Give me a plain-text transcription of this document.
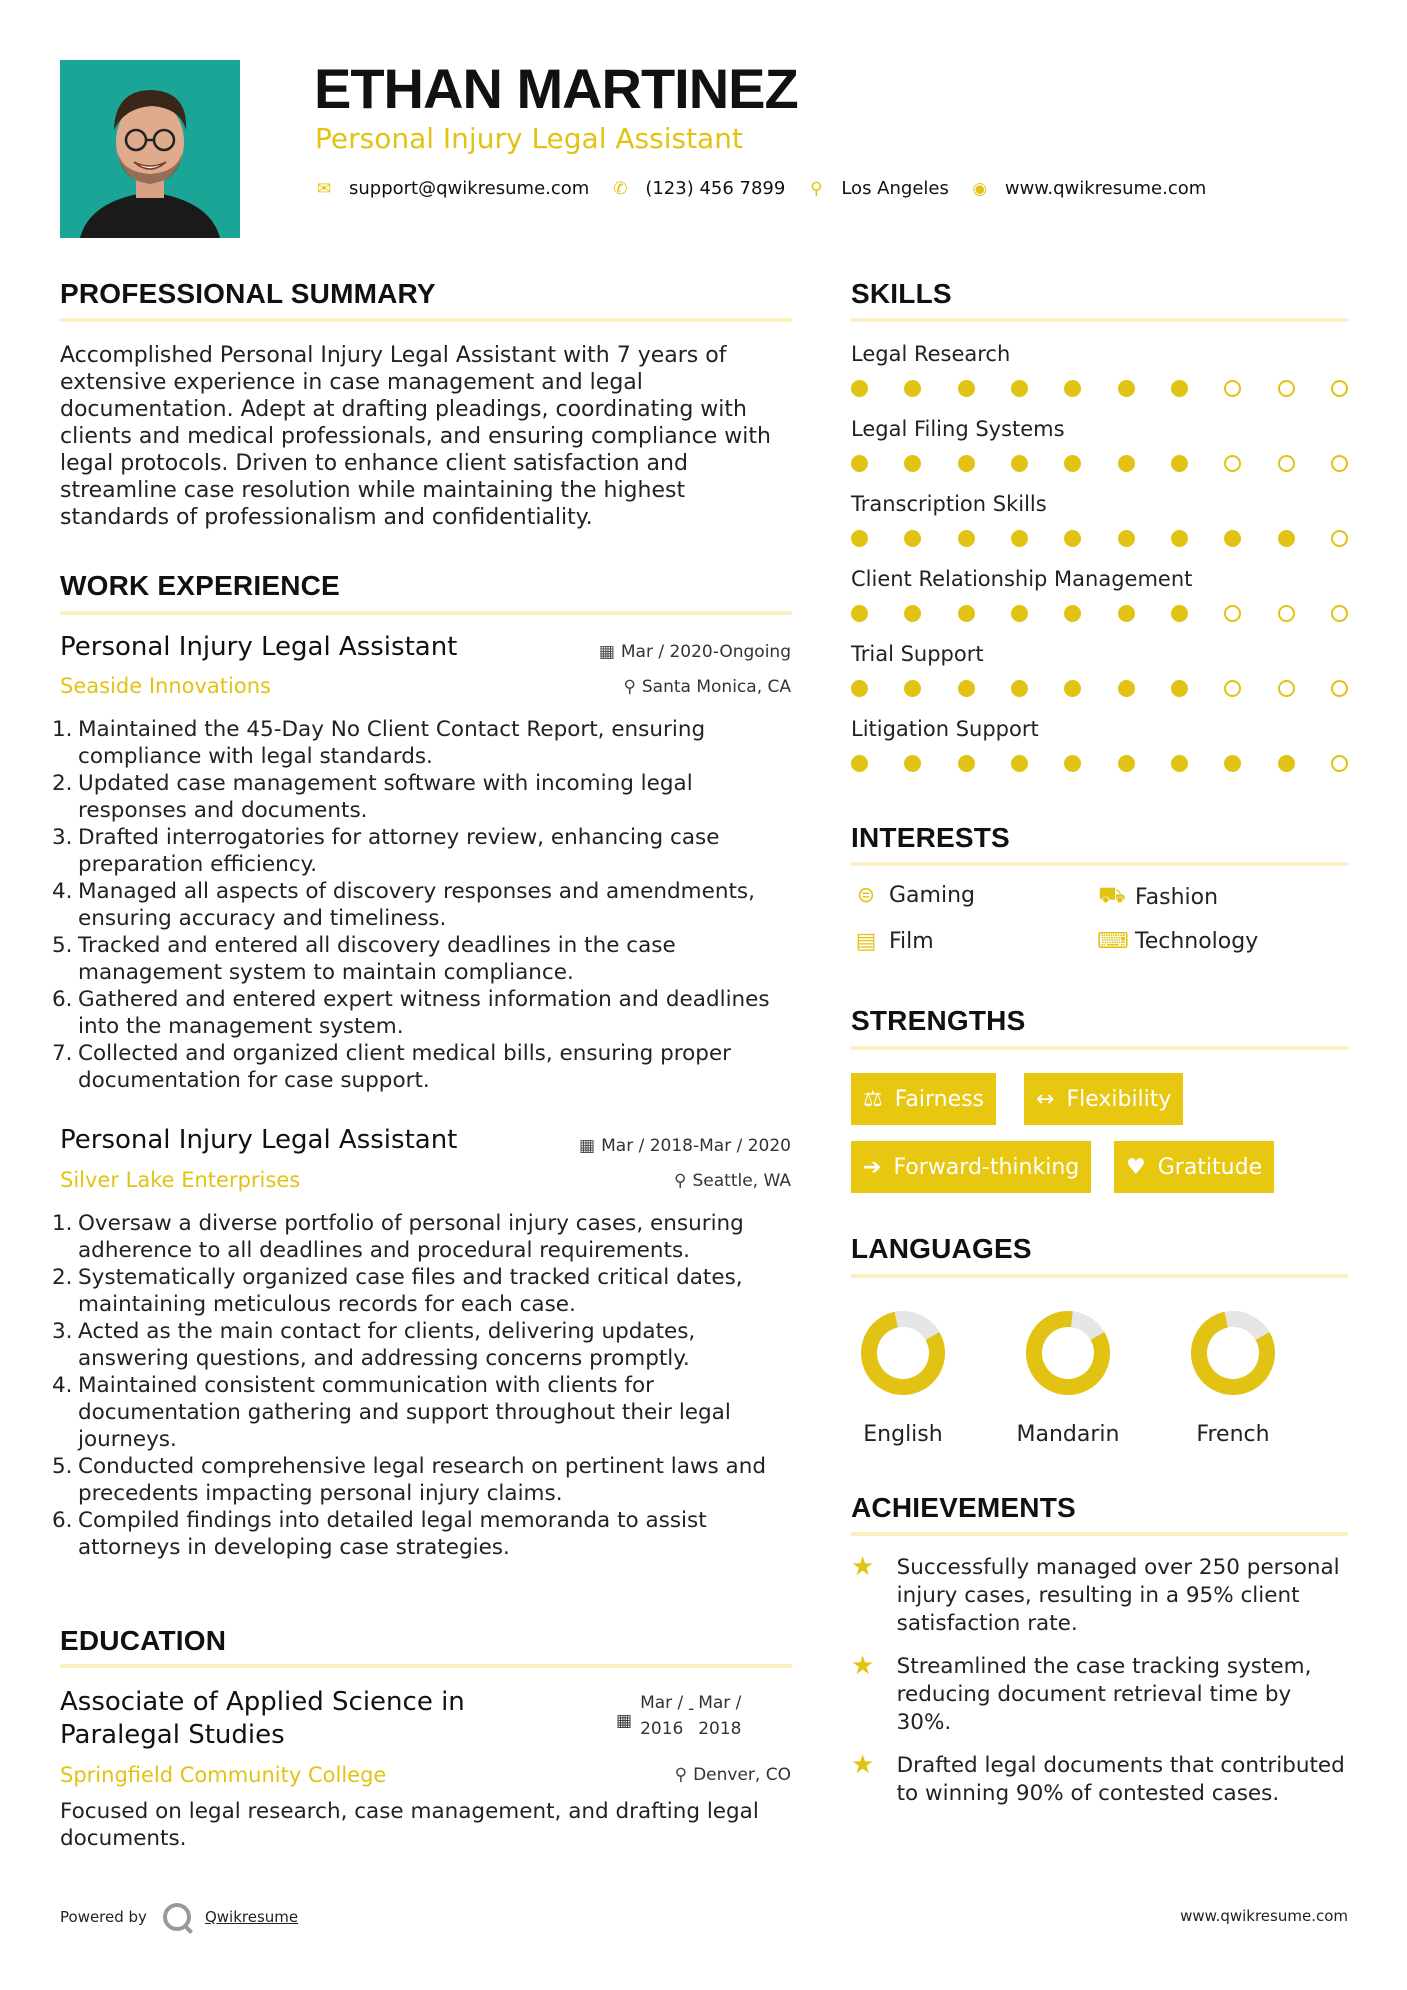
ETHAN MARTINEZ
Personal Injury Legal Assistant
✉ support@qwikresume.com ✆ (123) 456 7899 ⚲ Los Angeles ◉ www.qwikresume.com
PROFESSIONAL SUMMARY
Accomplished Personal Injury Legal Assistant with 7 years of extensive experience in case management and legal documentation. Adept at drafting pleadings, coordinating with clients and medical professionals, and ensuring compliance with legal protocols. Driven to enhance client satisfaction and streamline case resolution while maintaining the highest standards of professionalism and confidentiality.
WORK EXPERIENCE
Personal Injury Legal Assistant	▦ Mar / 2020-Ongoing
Seaside Innovations	⚲ Santa Monica, CA
1. Maintained the 45-Day No Client Contact Report, ensuring compliance with legal standards.
2. Updated case management software with incoming legal responses and documents.
3. Drafted interrogatories for attorney review, enhancing case preparation efficiency.
4. Managed all aspects of discovery responses and amendments, ensuring accuracy and timeliness.
5. Tracked and entered all discovery deadlines in the case management system to maintain compliance.
6. Gathered and entered expert witness information and deadlines into the management system.
7. Collected and organized client medical bills, ensuring proper documentation for case support.
Personal Injury Legal Assistant	▦ Mar / 2018-Mar / 2020
Silver Lake Enterprises	⚲ Seattle, WA
1. Oversaw a diverse portfolio of personal injury cases, ensuring adherence to all deadlines and procedural requirements.
2. Systematically organized case files and tracked critical dates, maintaining meticulous records for each case.
3. Acted as the main contact for clients, delivering updates, answering questions, and addressing concerns promptly.
4. Maintained consistent communication with clients for documentation gathering and support throughout their legal journeys.
5. Conducted comprehensive legal research on pertinent laws and precedents impacting personal injury claims.
6. Compiled findings into detailed legal memoranda to assist attorneys in developing case strategies.
EDUCATION
Associate of Applied Science in Paralegal Studies	▦
Mar /
2016
- Mar /
2018
Springfield Community College	⚲ Denver, CO
Focused on legal research, case management, and drafting legal documents.
SKILLS
Legal Research
Legal Filing Systems
Transcription Skills
Client Relationship Management
Trial Support
Litigation Support
INTERESTS
⊜ Gaming	⛟ Fashion
▤ Film	⌨ Technology
STRENGTHS
⚖ Fairness ↔ Flexibility
➔ Forward-thinking ♥ Gratitude
LANGUAGES
English	Mandarin	French
ACHIEVEMENTS
★ Successfully managed over 250 personal injury cases, resulting in a 95% client satisfaction rate.
★ Streamlined the case tracking system, reducing document retrieval time by 30%.
★ Drafted legal documents that contributed to winning 90% of contested cases.
Powered by	Qwikresume	www.qwikresume.com
